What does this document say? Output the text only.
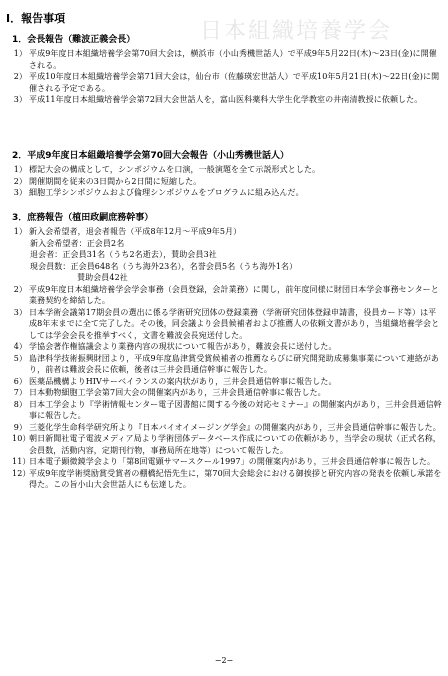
日本組織培養学会
Ⅰ．報告事項
1．会長報告（難波正義会長）
1） 平成9年度日本組織培養学会第70回大会は，横浜市（小山秀機世話人）で平成9年5月22日(木)〜23日(金)に開催される。
2） 平成10年度日本組織培養学会第71回大会は，仙台市（佐藤瑛宏世話人）で平成10年5月21日(木)〜22日(金)に開催される予定である。
3） 平成11年度日本組織培養学会第72回大会世話人を，富山医科薬科大学生化学教室の井南清教授に依頼した。
2．平成9年度日本組織培養学会第70回大会報告（小山秀機世話人）
1） 標記大会の構成として，シンポジウムを口演，一般演題を全て示説形式とした。
2） 開催期間を従来の3日間から2日間に短縮した。
3） 細胞工学シンポジウムおよび倫理シンポジウムをプログラムに組み込んだ。
3．庶務報告（植田政嗣庶務幹事）
1） 新入会希望者，退会者報告（平成8年12月〜平成9年5月）
新入会希望者：正会員2名
退会者：正会員31名（うち2名逝去），賛助会員3社
現会員数：正会員648名（うち海外23名），名誉会員5名（うち海外1名）
賛助会員42社
2） 平成9年度日本組織培養学会学会事務（会員登録，会計業務）に関し，前年度同様に財団日本学会事務センターと業務契約を締結した。
3） 日本学術会議第17期会員の選出に係る学術研究団体の登録業務（学術研究団体登録申請書，役員カード等）は平成8年末までに全て完了した。その後，同会議より会員候補者および推薦人の依頼文書があり，当組織培養学会としては学会会長を推挙すべく，文書を難波会長宛送付した。
4） 学協会著作権協議会より業務内容の現状について報告があり，難波会長に送付した。
5） 島津科学技術振興財団より，平成9年度島津賞受賞候補者の推薦ならびに研究開発助成募集事業について連絡があり，前者は難波会長に依頼，後者は三井会員通信幹事に報告した。
6） 医薬品機構よりHIVサーベイランスの案内状があり，三井会員通信幹事に報告した。
7） 日本動物細胞工学会第7回大会の開催案内があり，三井会員通信幹事に報告した。
8） 日本工学会より『学術情報センター電子図書館に関する今後の対応セミナー』の開催案内があり，三井会員通信幹事に報告した。
9） 三菱化学生命科学研究所より『日本バイオイメージング学会』の開催案内があり，三井会員通信幹事に報告した。
10）
朝日新聞社電子電波メディア局より学術団体データベース作成についての依頼があり，当学会の現状（正式名称，会員数，活動内容，定期刊行物，事務局所在地等）について報告した。
11）
日本電子顕微鏡学会より「第8回電顕サマースクール1997」の開催案内があり，三井会員通信幹事に報告した。
12）
平成9年度学術奨励賞受賞者の棚橋紀悟先生に，第70回大会総会における御挨拶と研究内容の発表を依頼し承諾を得た。この旨小山大会世話人にも伝達した。
−2−
